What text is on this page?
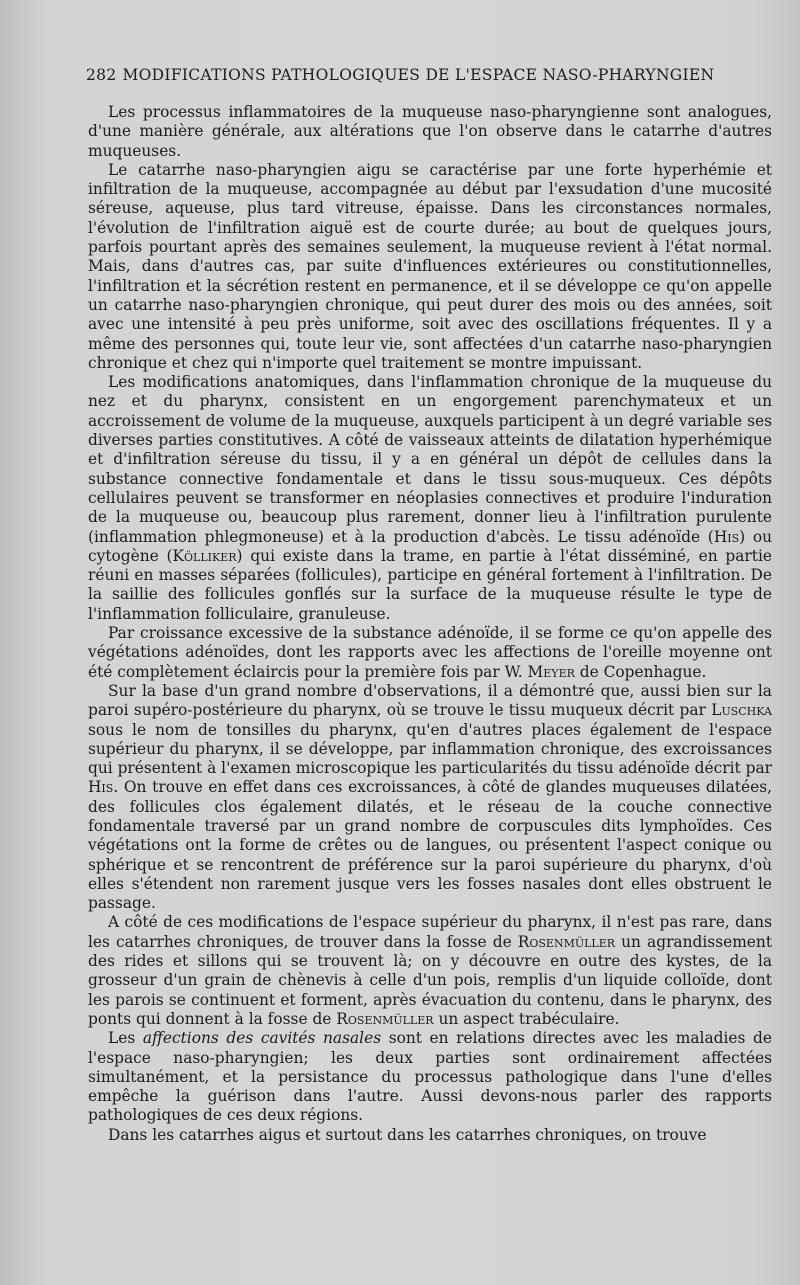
282 MODIFICATIONS PATHOLOGIQUES DE L'ESPACE NASO-PHARYNGIEN

Les processus inflammatoires de la muqueuse naso-pharyngienne sont analogues, d'une manière générale, aux altérations que l'on observe dans le catarrhe d'autres muqueuses.

Le catarrhe naso-pharyngien aigu se caractérise par une forte hyperhémie et infiltration de la muqueuse, accompagnée au début par l'exsudation d'une mucosité séreuse, aqueuse, plus tard vitreuse, épaisse. Dans les circonstances normales, l'évolution de l'infiltration aiguë est de courte durée; au bout de quelques jours, parfois pourtant après des semaines seulement, la muqueuse revient à l'état normal. Mais, dans d'autres cas, par suite d'influences extérieures ou constitutionnelles, l'infiltration et la sécrétion restent en permanence, et il se développe ce qu'on appelle un catarrhe naso-pharyngien chronique, qui peut durer des mois ou des années, soit avec une intensité à peu près uniforme, soit avec des oscillations fréquentes. Il y a même des personnes qui, toute leur vie, sont affectées d'un catarrhe naso-pharyngien chronique et chez qui n'importe quel traitement se montre impuissant.

Les modifications anatomiques, dans l'inflammation chronique de la muqueuse du nez et du pharynx, consistent en un engorgement parenchymateux et un accroissement de volume de la muqueuse, auxquels participent à un degré variable ses diverses parties constitutives. A côté de vaisseaux atteints de dilatation hyperhémique et d'infiltration séreuse du tissu, il y a en général un dépôt de cellules dans la substance connective fondamentale et dans le tissu sous-muqueux. Ces dépôts cellulaires peuvent se transformer en néoplasies connectives et produire l'induration de la muqueuse ou, beaucoup plus rarement, donner lieu à l'infiltration purulente (inflammation phlegmoneuse) et à la production d'abcès. Le tissu adénoïde (His) ou cytogène (Kölliker) qui existe dans la trame, en partie à l'état disséminé, en partie réuni en masses séparées (follicules), participe en général fortement à l'infiltration. De la saillie des follicules gonflés sur la surface de la muqueuse résulte le type de l'inflammation folliculaire, granuleuse.

Par croissance excessive de la substance adénoïde, il se forme ce qu'on appelle des végétations adénoïdes, dont les rapports avec les affections de l'oreille moyenne ont été complètement éclaircis pour la première fois par W. Meyer de Copenhague.

Sur la base d'un grand nombre d'observations, il a démontré que, aussi bien sur la paroi supéro-postérieure du pharynx, où se trouve le tissu muqueux décrit par Luschka sous le nom de tonsilles du pharynx, qu'en d'autres places également de l'espace supérieur du pharynx, il se développe, par inflammation chronique, des excroissances qui présentent à l'examen microscopique les particularités du tissu adénoïde décrit par His. On trouve en effet dans ces excroissances, à côté de glandes muqueuses dilatées, des follicules clos également dilatés, et le réseau de la couche connective fondamentale traversé par un grand nombre de corpuscules dits lymphoïdes. Ces végétations ont la forme de crêtes ou de langues, ou présentent l'aspect conique ou sphérique et se rencontrent de préférence sur la paroi supérieure du pharynx, d'où elles s'étendent non rarement jusque vers les fosses nasales dont elles obstruent le passage.

A côté de ces modifications de l'espace supérieur du pharynx, il n'est pas rare, dans les catarrhes chroniques, de trouver dans la fosse de Rosenmüller un agrandissement des rides et sillons qui se trouvent là; on y découvre en outre des kystes, de la grosseur d'un grain de chènevis à celle d'un pois, remplis d'un liquide colloïde, dont les parois se continuent et forment, après évacuation du contenu, dans le pharynx, des ponts qui donnent à la fosse de Rosenmüller un aspect trabéculaire.

Les affections des cavités nasales sont en relations directes avec les maladies de l'espace naso-pharyngien; les deux parties sont ordinairement affectées simultanément, et la persistance du processus pathologique dans l'une d'elles empêche la guérison dans l'autre. Aussi devons-nous parler des rapports pathologiques de ces deux régions.

Dans les catarrhes aigus et surtout dans les catarrhes chroniques, on trouve
